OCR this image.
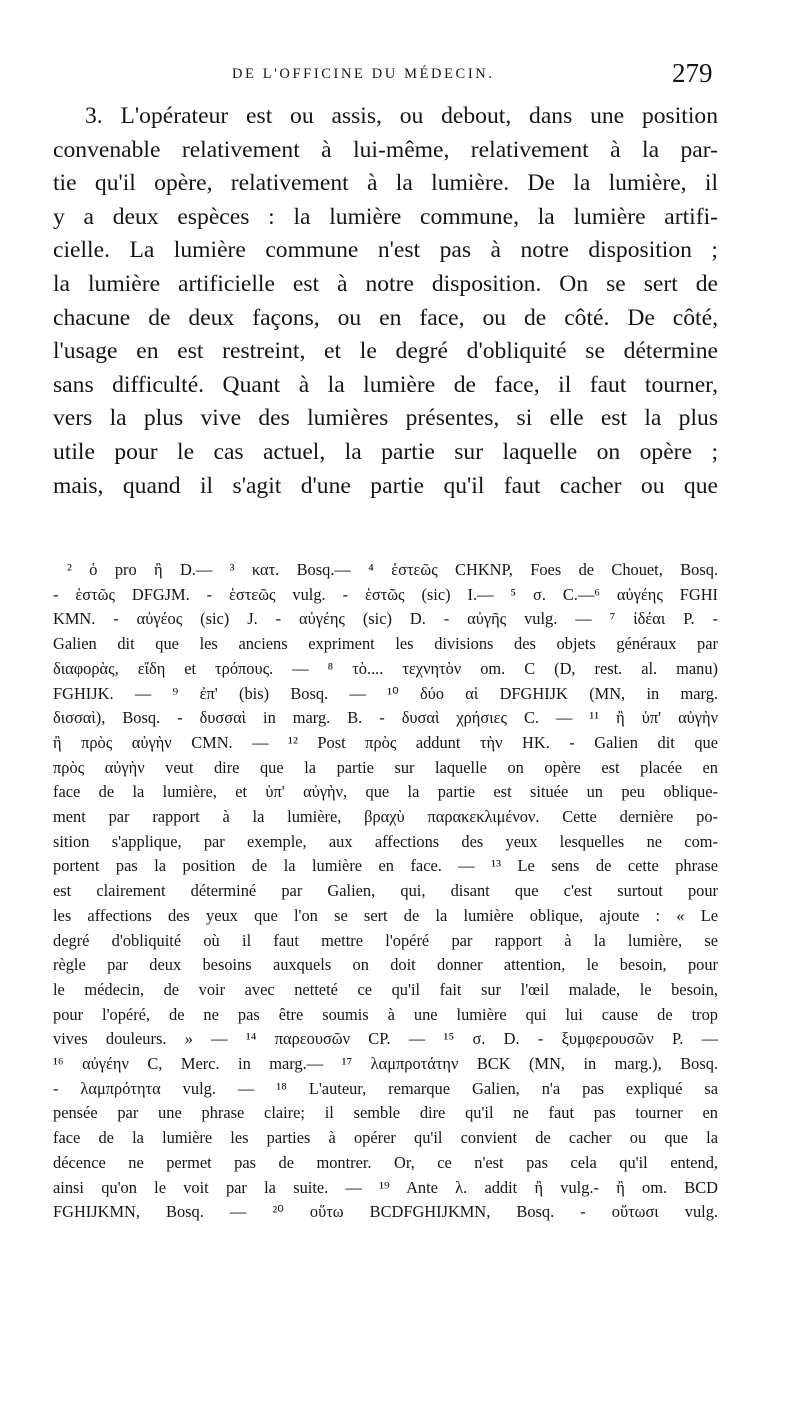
DE L'OFFICINE DU MÉDECIN.	279
3. L'opérateur est ou assis, ou debout, dans une position
convenable relativement à lui-même, relativement à la par-
tie qu'il opère, relativement à la lumière. De la lumière, il
y a deux espèces : la lumière commune, la lumière artifi-
cielle. La lumière commune n'est pas à notre disposition ;
la lumière artificielle est à notre disposition. On se sert de
chacune de deux façons, ou en face, ou de côté. De côté,
l'usage en est restreint, et le degré d'obliquité se détermine
sans difficulté. Quant à la lumière de face, il faut tourner,
vers la plus vive des lumières présentes, si elle est la plus
utile pour le cas actuel, la partie sur laquelle on opère ;
mais, quand il s'agit d'une partie qu'il faut cacher ou que
² ὁ pro ἢ D.— ³ κατ. Bosq.— ⁴ ἑστεῶς CHKNP, Foes de Chouet, Bosq.
- ἑστῶς DFGJM. - ἑστεῶς vulg. - ἑστῶς (sic) I.— ⁵ σ. C.—⁶ αὐγέης FGHI
KMN. - αὐγέος (sic) J. - αὐγέης (sic) D. - αὐγῆς vulg. — ⁷ ἰδέαι P. -
Galien dit que les anciens expriment les divisions des objets généraux par
διαφορὰς, εἴδη et τρόπους. — ⁸ τὸ.... τεχνητὸν om. C (D, rest. al. manu)
FGHIJK. — ⁹ ἐπ' (bis) Bosq. — ¹⁰ δύο αἱ DFGHIJK (MN, in marg.
δισσαὶ), Bosq. - δυσσαὶ in marg. B. - δυσαὶ χρήσιες C. — ¹¹ ἢ ὑπ' αὐγὴν
ἢ πρὸς αὐγὴν CMN. — ¹² Post πρὸς addunt τὴν HK. - Galien dit que
πρὸς αὐγὴν veut dire que la partie sur laquelle on opère est placée en
face de la lumière, et ὑπ' αὐγὴν, que la partie est située un peu oblique-
ment par rapport à la lumière, βραχὺ παρακεκλιμένον. Cette dernière po-
sition s'applique, par exemple, aux affections des yeux lesquelles ne com-
portent pas la position de la lumière en face. — ¹³ Le sens de cette phrase
est clairement déterminé par Galien, qui, disant que c'est surtout pour
les affections des yeux que l'on se sert de la lumière oblique, ajoute : « Le
degré d'obliquité où il faut mettre l'opéré par rapport à la lumière, se
règle par deux besoins auxquels on doit donner attention, le besoin, pour
le médecin, de voir avec netteté ce qu'il fait sur l'œil malade, le besoin,
pour l'opéré, de ne pas être soumis à une lumière qui lui cause de trop
vives douleurs. » — ¹⁴ παρεουσῶν CP. — ¹⁵ σ. D. - ξυμφερουσῶν P. —
¹⁶ αὐγέην C, Merc. in marg.— ¹⁷ λαμπροτάτην BCK (MN, in marg.), Bosq.
- λαμπρότητα vulg. — ¹⁸ L'auteur, remarque Galien, n'a pas expliqué sa
pensée par une phrase claire; il semble dire qu'il ne faut pas tourner en
face de la lumière les parties à opérer qu'il convient de cacher ou que la
décence ne permet pas de montrer. Or, ce n'est pas cela qu'il entend,
ainsi qu'on le voit par la suite. — ¹⁹ Ante λ. addit ἢ vulg.- ἢ om. BCD
FGHIJKMN, Bosq. — ²⁰ οὕτω BCDFGHIJKMN, Bosq. - οὕτωσι vulg.
